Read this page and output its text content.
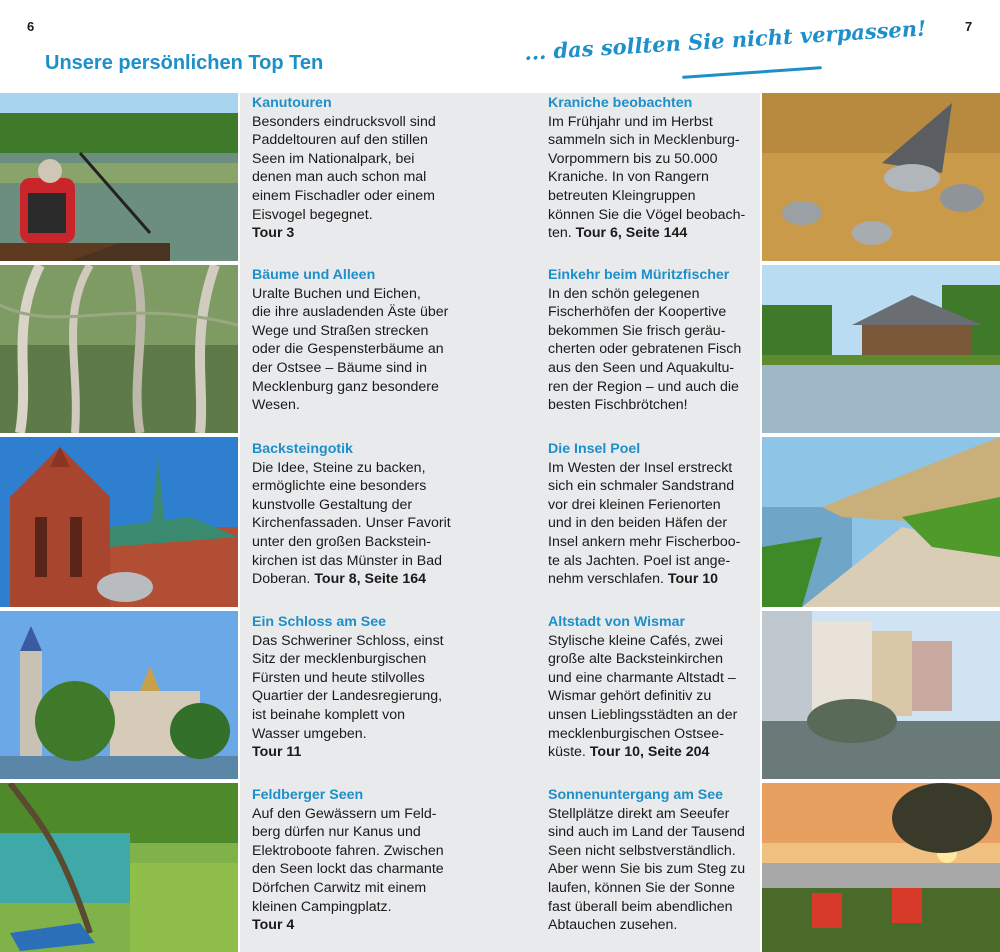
6	7
Unsere persönlichen Top Ten	... das sollten Sie nicht verpassen!
Kanutouren
Besonders eindrucksvoll sind
Paddeltouren auf den stillen
Seen im Nationalpark, bei
denen man auch schon mal
einem Fischadler oder einem
Eisvogel begegnet.
Tour 3
Bäume und Alleen
Uralte Buchen und Eichen,
die ihre ausladenden Äste über
Wege und Straßen strecken
oder die Gespensterbäume an
der Ostsee – Bäume sind in
Mecklenburg ganz besondere
Wesen.
Backsteingotik
Die Idee, Steine zu backen,
ermöglichte eine besonders
kunstvolle Gestaltung der
Kirchenfassaden. Unser Favorit
unter den großen Backstein-
kirchen ist das Münster in Bad
Doberan. Tour 8, Seite 164
Ein Schloss am See
Das Schweriner Schloss, einst
Sitz der mecklenburgischen
Fürsten und heute stilvolles
Quartier der Landesregierung,
ist beinahe komplett von
Wasser umgeben.
Tour 11
Feldberger Seen
Auf den Gewässern um Feld-
berg dürfen nur Kanus und
Elektroboote fahren. Zwischen
den Seen lockt das charmante
Dörfchen Carwitz mit einem
kleinen Campingplatz.
Tour 4
Kraniche beobachten
Im Frühjahr und im Herbst
sammeln sich in Mecklenburg-
Vorpommern bis zu 50.000
Kraniche. In von Rangern
betreuten Kleingruppen
können Sie die Vögel beobach-
ten. Tour 6, Seite 144
Einkehr beim Müritzfischer
In den schön gelegenen
Fischerhöfen der Koopertive
bekommen Sie frisch geräu-
cherten oder gebratenen Fisch
aus den Seen und Aquakultu-
ren der Region – und auch die
besten Fischbrötchen!
Die Insel Poel
Im Westen der Insel erstreckt
sich ein schmaler Sandstrand
vor drei kleinen Ferienorten
und in den beiden Häfen der
Insel ankern mehr Fischerboo-
te als Jachten. Poel ist ange-
nehm verschlafen. Tour 10
Altstadt von Wismar
Stylische kleine Cafés, zwei
große alte Backsteinkirchen
und eine charmante Altstadt –
Wismar gehört definitiv zu
unsen Lieblingsstädten an der
mecklenburgischen Ostsee-
küste. Tour 10, Seite 204
Sonnenuntergang am See
Stellplätze direkt am Seeufer
sind auch im Land der Tausend
Seen nicht selbstverständlich.
Aber wenn Sie bis zum Steg zu
laufen, können Sie der Sonne
fast überall beim abendlichen
Abtauchen zusehen.
